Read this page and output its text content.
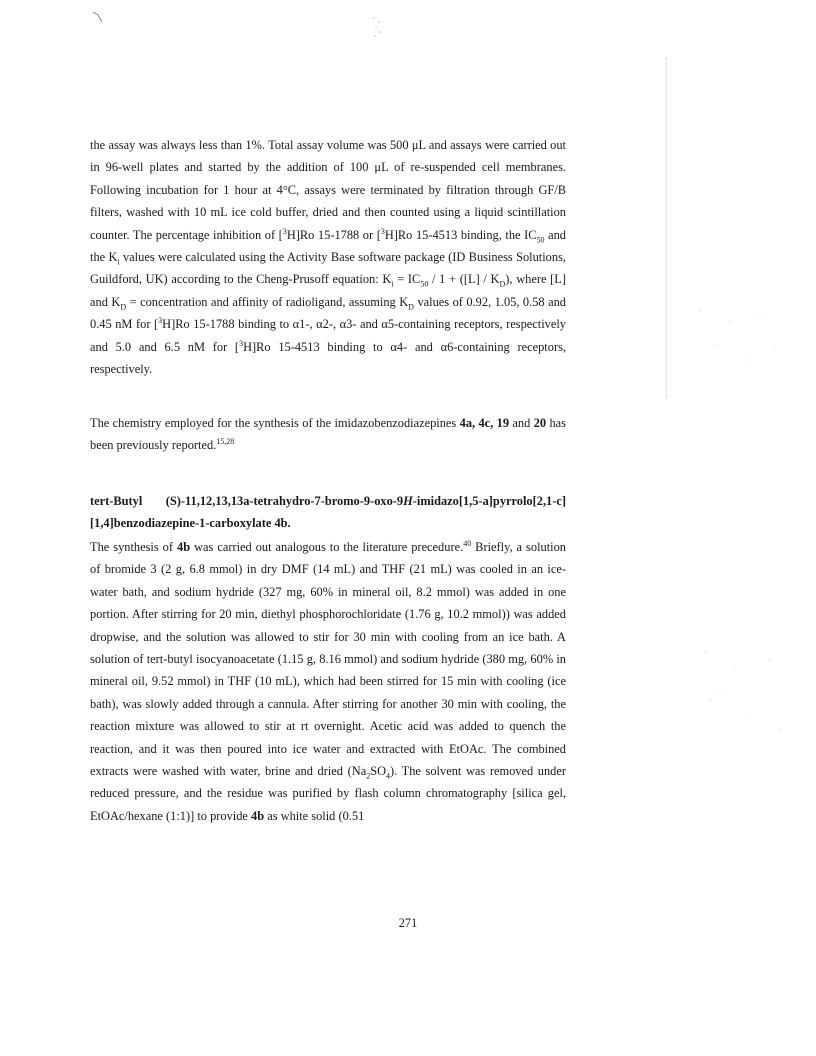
the assay was always less than 1%. Total assay volume was 500 μL and assays were carried out in 96-well plates and started by the addition of 100 μL of re-suspended cell membranes. Following incubation for 1 hour at 4°C, assays were terminated by filtration through GF/B filters, washed with 10 mL ice cold buffer, dried and then counted using a liquid scintillation counter. The percentage inhibition of [$^3$H]Ro 15-1788 or [$^3$H]Ro 15-4513 binding, the $IC_{50}$ and the $K_i$ values were calculated using the Activity Base software package (ID Business Solutions, Guildford, UK) according to the Cheng-Prusoff equation: $K_i = IC_{50} / 1 + ([L] / K_D)$, where [L] and $K_D$ = concentration and affinity of radioligand, assuming $K_D$ values of 0.92, 1.05, 0.58 and 0.45 nM for [$^3$H]Ro 15-1788 binding to α1-, α2-, α3- and α5-containing receptors, respectively and 5.0 and 6.5 nM for [$^3$H]Ro 15-4513 binding to α4- and α6-containing receptors, respectively.
The chemistry employed for the synthesis of the imidazobenzodiazepines 4a, 4c, 19 and 20 has been previously reported.$^{15,28}$
tert-Butyl (S)-11,12,13,13a-tetrahydro-7-bromo-9-oxo-9H-imidazo[1,5-a]pyrrolo[2,1-c][1,4]benzodiazepine-1-carboxylate 4b.
The synthesis of 4b was carried out analogous to the literature precedure.$^{40}$ Briefly, a solution of bromide 3 (2 g, 6.8 mmol) in dry DMF (14 mL) and THF (21 mL) was cooled in an ice-water bath, and sodium hydride (327 mg, 60% in mineral oil, 8.2 mmol) was added in one portion. After stirring for 20 min, diethyl phosphorochloridate (1.76 g, 10.2 mmol)) was added dropwise, and the solution was allowed to stir for 30 min with cooling from an ice bath. A solution of tert-butyl isocyanoacetate (1.15 g, 8.16 mmol) and sodium hydride (380 mg, 60% in mineral oil, 9.52 mmol) in THF (10 mL), which had been stirred for 15 min with cooling (ice bath), was slowly added through a cannula. After stirring for another 30 min with cooling, the reaction mixture was allowed to stir at rt overnight. Acetic acid was added to quench the reaction, and it was then poured into ice water and extracted with EtOAc. The combined extracts were washed with water, brine and dried $(Na_2SO_4)$. The solvent was removed under reduced pressure, and the residue was purified by flash column chromatography [silica gel, EtOAc/hexane (1:1)] to provide 4b as white solid (0.51
271
